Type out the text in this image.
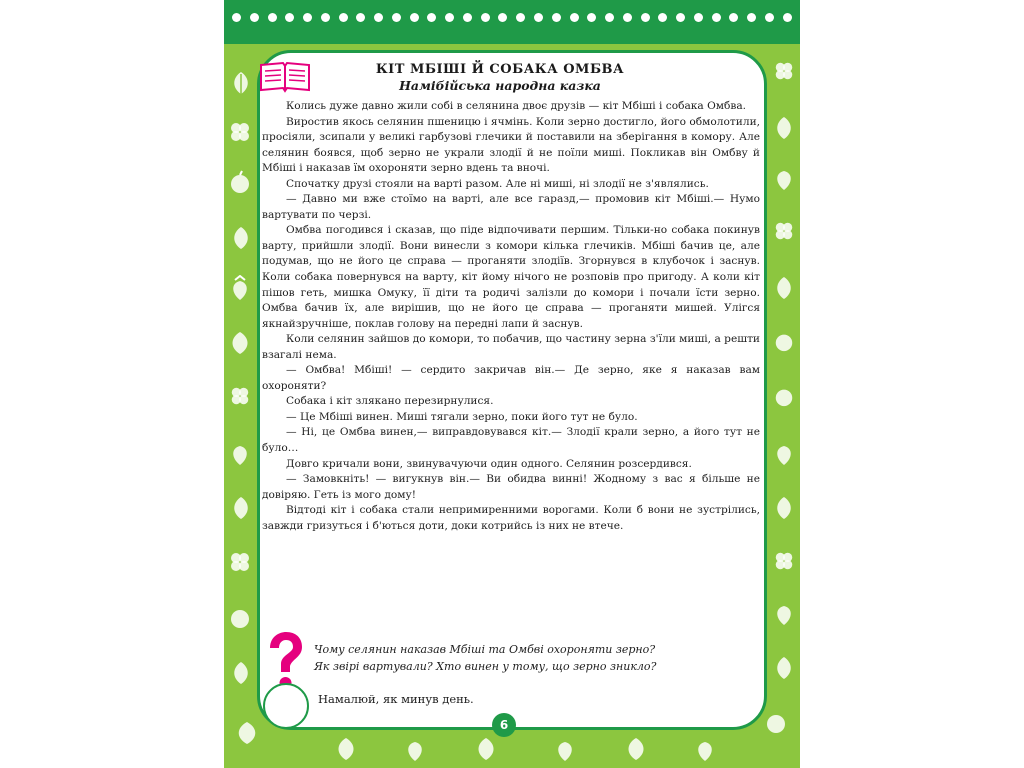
КІТ МБІШІ Й СОБАКА ОМБВА
Намібійська народна казка

Колись дуже давно жили собі в селянина двоє друзів — кіт Мбіші і собака Омбва.

Виростив якось селянин пшеницю і ячмінь. Коли зерно достигло, його обмолотили, просіяли, зсипали у великі гарбузові глечики й поставили на зберігання в комору. Але селянин боявся, щоб зерно не украли злодії й не поїли миші. Покликав він Омбву й Мбіші і наказав їм охороняти зерно вдень та вночі.

Спочатку друзі стояли на варті разом. Але ні миші, ні злодії не з'являлись.

— Давно ми вже стоїмо на варті, але все гаразд,— промовив кіт Мбіші.— Нумо вартувати по черзі.

Омбва погодився і сказав, що піде відпочивати першим. Тільки-но собака покинув варту, прийшли злодії. Вони винесли з комори кілька глечиків. Мбіші бачив це, але подумав, що не його це справа — проганяти злодіїв. Згорнувся в клубочок і заснув. Коли собака повернувся на варту, кіт йому нічого не розповів про пригоду. А коли кіт пішов геть, мишка Омуку, її діти та родичі залізли до комори і почали їсти зерно. Омбва бачив їх, але вирішив, що не його це справа — проганяти мишей. Улігся якнайзручніше, поклав голову на передні лапи й заснув.

Коли селянин зайшов до комори, то побачив, що частину зерна з'їли миші, а решти взагалі нема.

— Омбва! Мбіші! — сердито закричав він.— Де зерно, яке я наказав вам охороняти?

Собака і кіт зляканo перезирнулися.

— Це Мбіші винен. Миші тягали зерно, поки його тут не було.

— Ні, це Омбва винен,— виправдовувався кіт.— Злодії крали зерно, а його тут не було…

Довго кричали вони, звинувачуючи один одного. Селянин розсердився.

— Замовкніть! — вигукнув він.— Ви обидва винні! Жодному з вас я більше не довіряю. Геть із мого дому!

Відтоді кіт і собака стали непримиренними ворогами. Коли б вони не зустрілись, завжди гризуться і б'ються доти, доки котрийсь із них не втече.

Чому селянин наказав Мбіші та Омбві охороняти зерно?
Як звірі вартували? Хто винен у тому, що зерно зникло?
Намалюй, як минув день.
6
